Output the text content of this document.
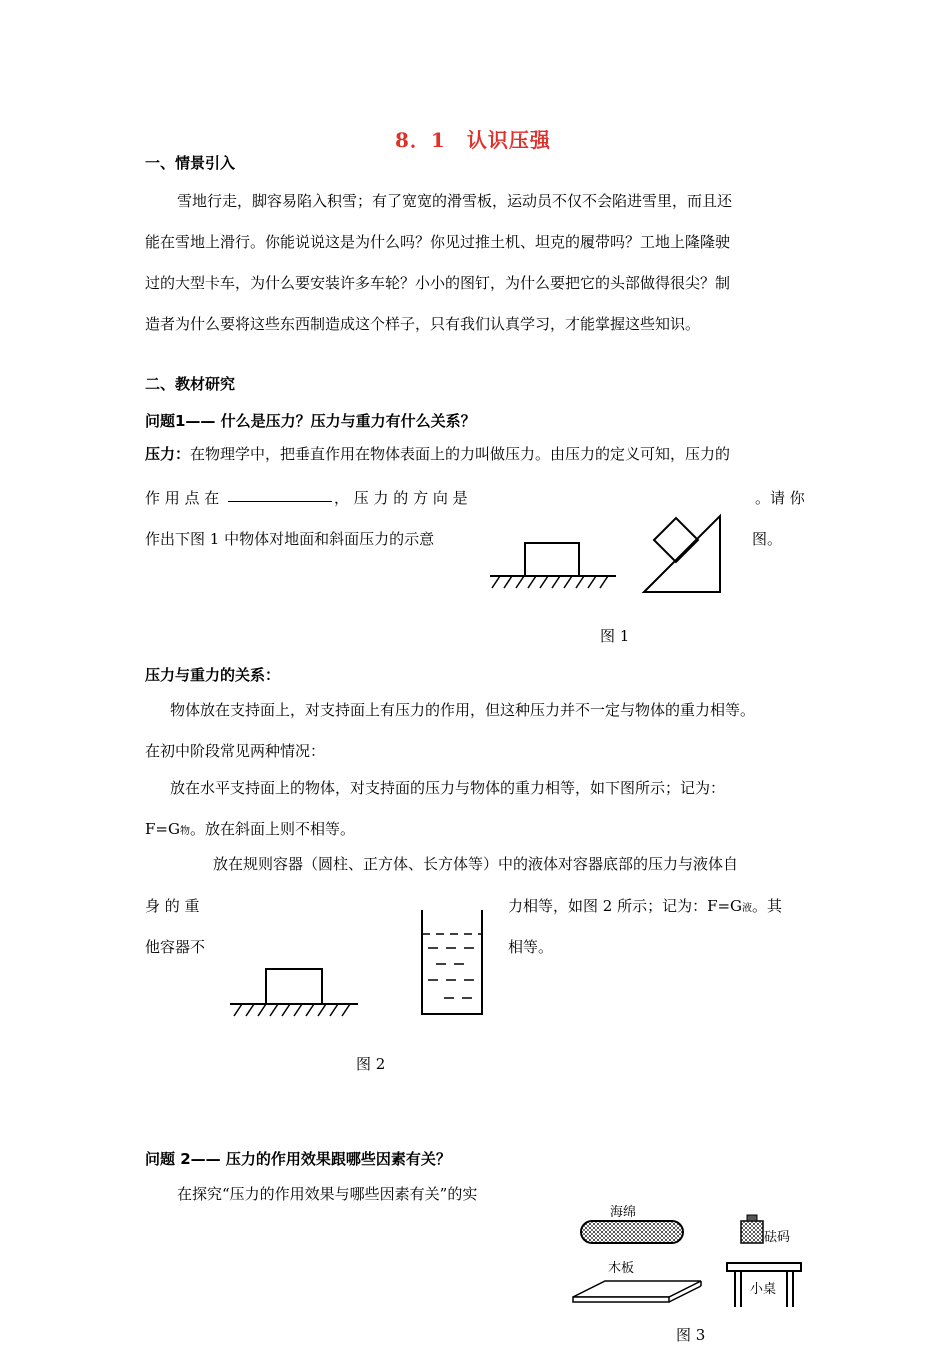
8．1　认识压强
一、情景引入
雪地行走，脚容易陷入积雪；有了宽宽的滑雪板，运动员不仅不会陷进雪里，而且还
能在雪地上滑行。你能说说这是为什么吗？你见过推土机、坦克的履带吗？工地上隆隆驶
过的大型卡车，为什么要安装许多车轮？小小的图钉，为什么要把它的头部做得很尖？制
造者为什么要将这些东西制造成这个样子，只有我们认真学习，才能掌握这些知识。
二、教材研究
问题1—— 什么是压力？压力与重力有什么关系？
压力：在物理学中，把垂直作用在物体表面上的力叫做压力。由压力的定义可知，压力的
作 用 点 在	， 压 力 的 方 向 是	。请 你
作出下图 1 中物体对地面和斜面压力的示意	图。
图 1
压力与重力的关系：
物体放在支持面上，对支持面上有压力的作用，但这种压力并不一定与物体的重力相等。
在初中阶段常见两种情况：
放在水平支持面上的物体，对支持面的压力与物体的重力相等，如下图所示；记为：
F=G物。放在斜面上则不相等。
放在规则容器（圆柱、正方体、长方体等）中的液体对容器底部的压力与液体自
身 的 重	力相等，如图 2 所示；记为：F=G液。其
他容器不	相等。
图 2
问题 2—— 压力的作用效果跟哪些因素有关？
在探究“压力的作用效果与哪些因素有关”的实
海绵
砝码
木板
小桌
图 3
